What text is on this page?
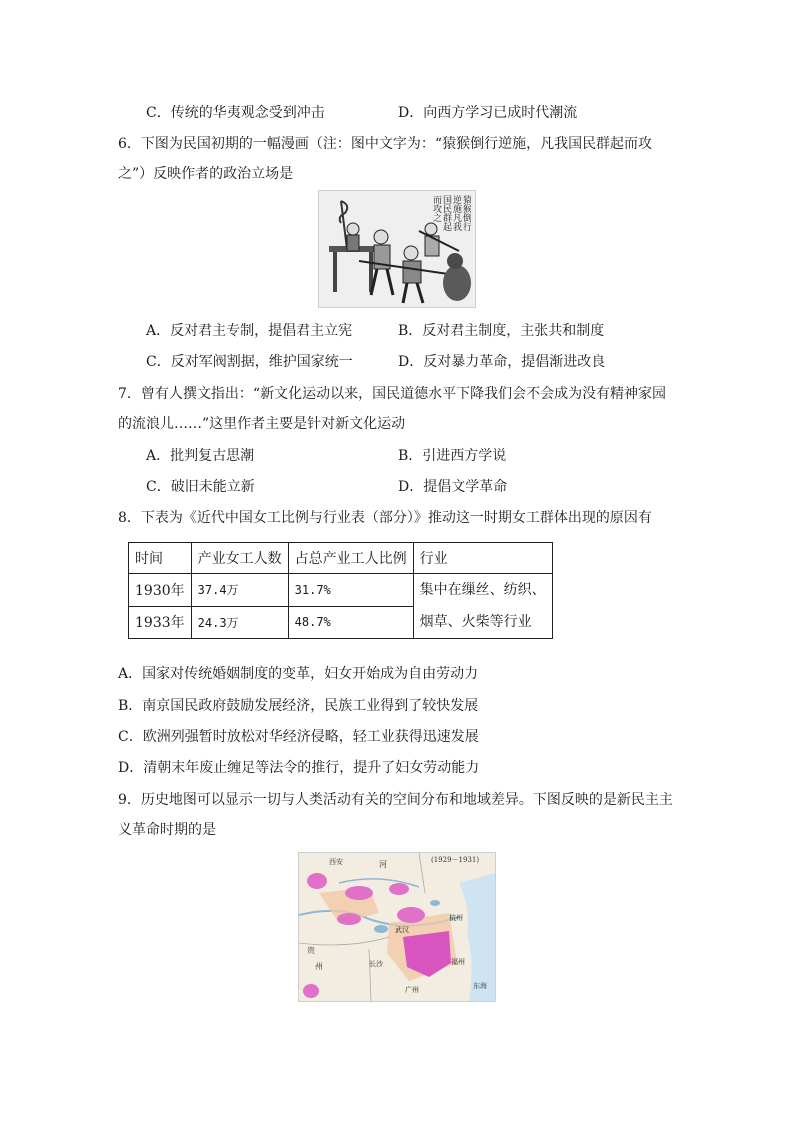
C．传统的华夷观念受到冲击	D．向西方学习已成时代潮流
6．下图为民国初期的一幅漫画（注：图中文字为：“猿猴倒行逆施，凡我国民群起而攻
之”）反映作者的政治立场是
猿猴倒行逆施凡我国民群起而攻之
A．反对君主专制，提倡君主立宪	B．反对君主制度，主张共和制度
C．反对军阀割据，维护国家统一	D．反对暴力革命，提倡渐进改良
7．曾有人撰文指出：“新文化运动以来，国民道德水平下降我们会不会成为没有精神家园
的流浪儿……”这里作者主要是针对新文化运动
A．批判复古思潮	B．引进西方学说
C．破旧未能立新	D．提倡文学革命
8．下表为《近代中国女工比例与行业表（部分）》推动这一时期女工群体出现的原因有
时间	产业女工人数	占总产业工人比例	行业
1930年	37.4万	31.7%	集中在缫丝、纺织、
烟草、火柴等行业

1933年	24.3万	48.7%	
A．国家对传统婚姻制度的变革，妇女开始成为自由劳动力
B．南京国民政府鼓励发展经济，民族工业得到了较快发展
C．欧洲列强暂时放松对华经济侵略，轻工业获得迅速发展
D．清朝末年废止缠足等法令的推行，提升了妇女劳动能力
9．历史地图可以显示一切与人类活动有关的空间分布和地域差异。下图反映的是新民主主
义革命时期的是
(1929－1931)
西安	河
武汉
杭州
长沙
广州
贵
州	福州
东海
